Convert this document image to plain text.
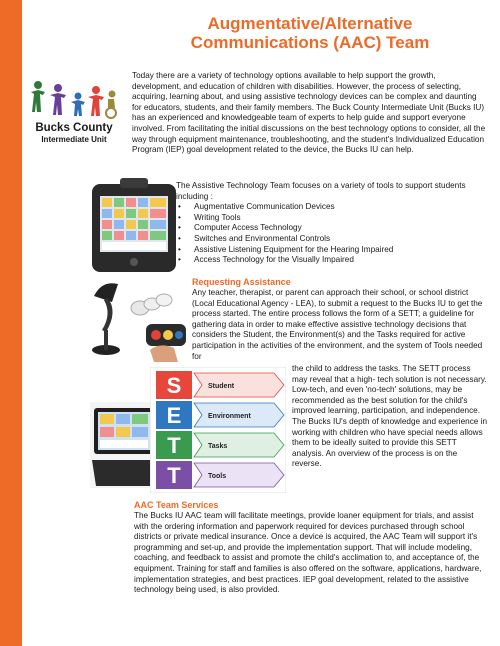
Augmentative/Alternative
Communications (AAC) Team
Bucks County
Intermediate Unit

Today there are a variety of technology options available to help support the growth, development, and education of children with disabilities. However, the process of selecting, acquiring, learning about, and using assistive technology devices can be complex and daunting for educators, students, and their family members. The Buck County Intermediate Unit (Bucks IU) has an experienced and knowledgeable team of experts to help guide and support everyone involved. From facilitating the initial discussions on the best technology options to consider, all the way through equipment maintenance, troubleshooting, and the student's Individualized Education Program (IEP) goal development related to the device, the Bucks IU can help.

The Assistive Technology Team focuses on a variety of tools to support students including :

• Augmentative Communication Devices
• Writing Tools
• Computer Access Technology
• Switches and Environmental Controls
• Assistive Listening Equipment for the Hearing Impaired
• Access Technology for the Visually Impaired
Requesting Assistance

Any teacher, therapist, or parent can approach their school, or school district (Local Educational Agency - LEA), to submit a request to the Bucks IU to get the process started. The entire process follows the form of a SETT; a guideline for gathering data in order to make effective assistive technology decisions that considers the Student, the Environment(s) and the Tasks required for active participation in the activities of the environment, and the system of Tools needed for

the child to address the tasks. The SETT process may reveal that a high- tech solution is not necessary. Low-tech, and even 'no-tech' solutions, may be recommended as the best solution for the child's improved learning, participation, and independence. The Bucks IU's depth of knowledge and experience in working with children who have special needs allows them to be ideally suited to provide this SETT analysis. An overview of the process is on the reverse.

S
E
T
T
Student
Environment
Tasks
Tools
AAC Team Services

The Bucks IU AAC team will facilitate meetings, provide loaner equipment for trials, and assist with the ordering information and paperwork required for devices purchased through school districts or private medical insurance. Once a device is acquired, the AAC Team will support it's programming and set-up, and provide the implementation support. That will include modeling, coaching, and feedback to assist and promote the child's acclimation to, and acceptance of, the equipment. Training for staff and families is also offered on the software, applications, hardware, implementation strategies, and best practices. IEP goal development, related to the assistive technology being used, is also provided.
